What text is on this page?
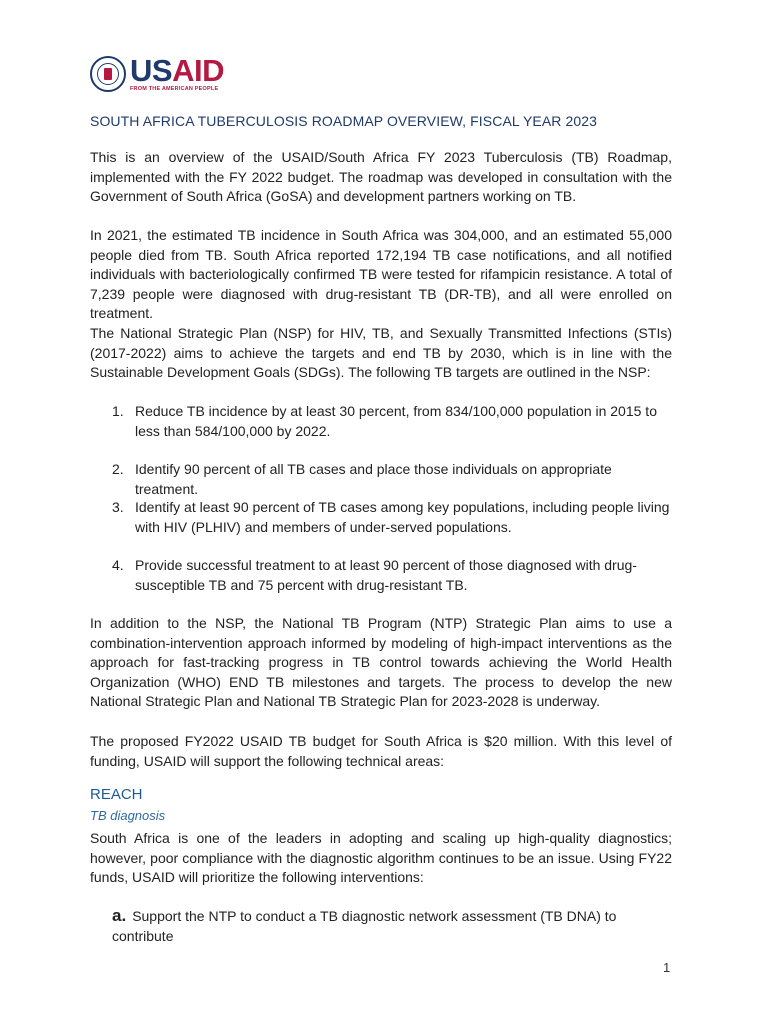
USAID
FROM THE AMERICAN PEOPLE
SOUTH AFRICA TUBERCULOSIS ROADMAP OVERVIEW, FISCAL YEAR 2023

This is an overview of the USAID/South Africa FY 2023 Tuberculosis (TB) Roadmap, implemented with the FY 2022 budget. The roadmap was developed in consultation with the Government of South Africa (GoSA) and development partners working on TB.

In 2021, the estimated TB incidence in South Africa was 304,000, and an estimated 55,000 people died from TB. South Africa reported 172,194 TB case notifications, and all notified individuals with bacteriologically confirmed TB were tested for rifampicin resistance. A total of 7,239 people were diagnosed with drug-resistant TB (DR-TB), and all were enrolled on treatment.

The National Strategic Plan (NSP) for HIV, TB, and Sexually Transmitted Infections (STIs) (2017-2022) aims to achieve the targets and end TB by 2030, which is in line with the Sustainable Development Goals (SDGs). The following TB targets are outlined in the NSP:

1. Reduce TB incidence by at least 30 percent, from 834/100,000 population in 2015 to less than 584/100,000 by 2022.
2. Identify 90 percent of all TB cases and place those individuals on appropriate treatment.
3. Identify at least 90 percent of TB cases among key populations, including people living with HIV (PLHIV) and members of under-served populations.
4. Provide successful treatment to at least 90 percent of those diagnosed with drug-susceptible TB and 75 percent with drug-resistant TB.

In addition to the NSP, the National TB Program (NTP) Strategic Plan aims to use a combination-intervention approach informed by modeling of high-impact interventions as the approach for fast-tracking progress in TB control towards achieving the World Health Organization (WHO) END TB milestones and targets. The process to develop the new National Strategic Plan and National TB Strategic Plan for 2023-2028 is underway.

The proposed FY2022 USAID TB budget for South Africa is $20 million. With this level of funding, USAID will support the following technical areas:

REACH
TB diagnosis

South Africa is one of the leaders in adopting and scaling up high-quality diagnostics; however, poor compliance with the diagnostic algorithm continues to be an issue. Using FY22 funds, USAID will prioritize the following interventions:

a. Support the NTP to conduct a TB diagnostic network assessment (TB DNA) to contribute
1
